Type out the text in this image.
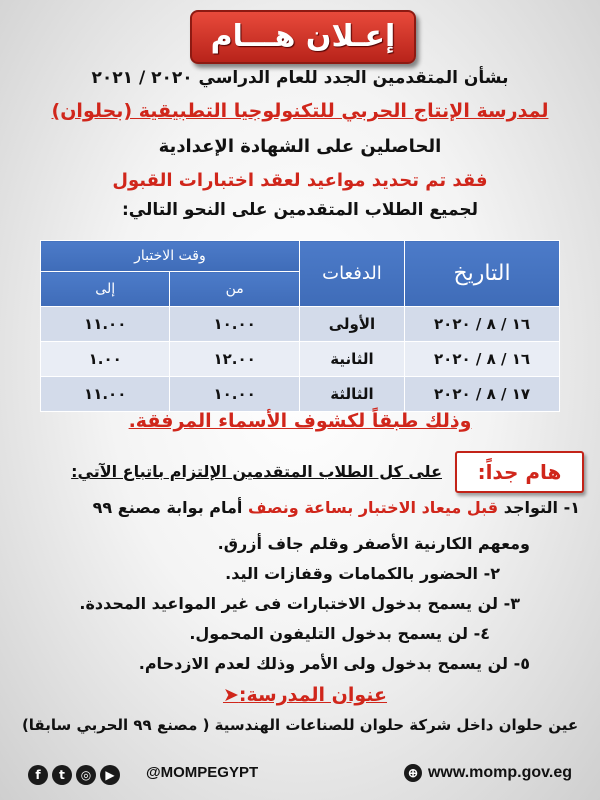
إعـلان هـــام
بشأن المتقدمين الجدد للعام الدراسي ٢٠٢٠ / ٢٠٢١
لمدرسة الإنتاج الحربي للتكنولوجيا التطبيقية (بحلوان)
الحاصلين على الشهادة الإعدادية
فقد تم تحديد مواعيد لعقد اختبارات القبول
لجميع الطلاب المتقدمين على النحو التالي:
التاريخ	الدفعات	وقت الاختبار	
		من	إلى
١٦ / ٨ / ٢٠٢٠	الأولى	١٠.٠٠	١١.٠٠
١٦ / ٨ / ٢٠٢٠	الثانية	١٢.٠٠	١.٠٠
١٧ / ٨ / ٢٠٢٠	الثالثة	١٠.٠٠	١١.٠٠
وذلك طبقاً لكشوف الأسماء المرفقة.
هام جداً:
على كل الطلاب المتقدمين الإلتزام باتباع الآتي:
١- التواجد قبل ميعاد الاختبار بساعة ونصف أمام بوابة مصنع ٩٩
ومعهم الكارنية الأصفر وقلم جاف أزرق.
٢- الحضور بالكمامات وقفازات اليد.
٣- لن يسمح بدخول الاختبارات فى غير المواعيد المحددة.
٤- لن يسمح بدخول التليفون المحمول.
٥- لن يسمح بدخول ولى الأمر وذلك لعدم الازدحام.
عنوان المدرسة:➤
عين حلوان داخل شركة حلوان للصناعات الهندسية ( مصنع ٩٩ الحربي سابقا)
f t ◎ ▶	@MOMPEGYPT	⊕ www.momp.gov.eg
